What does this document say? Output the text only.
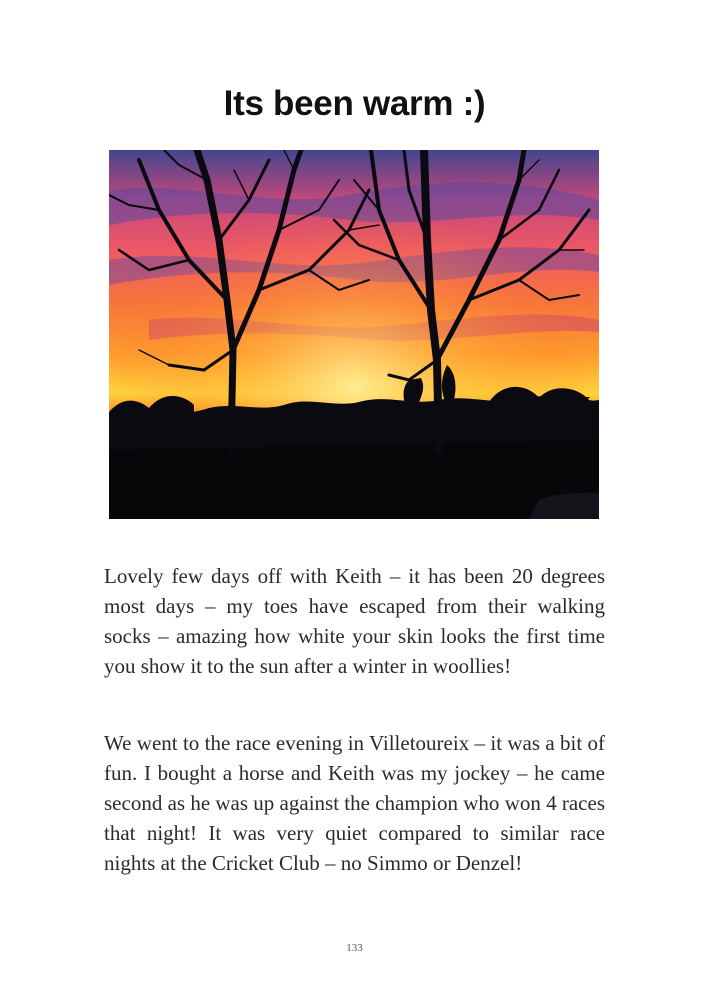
Its been warm :)

Lovely few days off with Keith – it has been 20 degrees most days – my toes have escaped from their walking socks – amazing how white your skin looks the first time you show it to the sun after a winter in woollies!

We went to the race evening in Villetoureix – it was a bit of fun. I bought a horse and Keith was my jockey – he came second as he was up against the champion who won 4 races that night! It was very quiet compared to similar race nights at the Cricket Club – no Simmo or Denzel!

133
